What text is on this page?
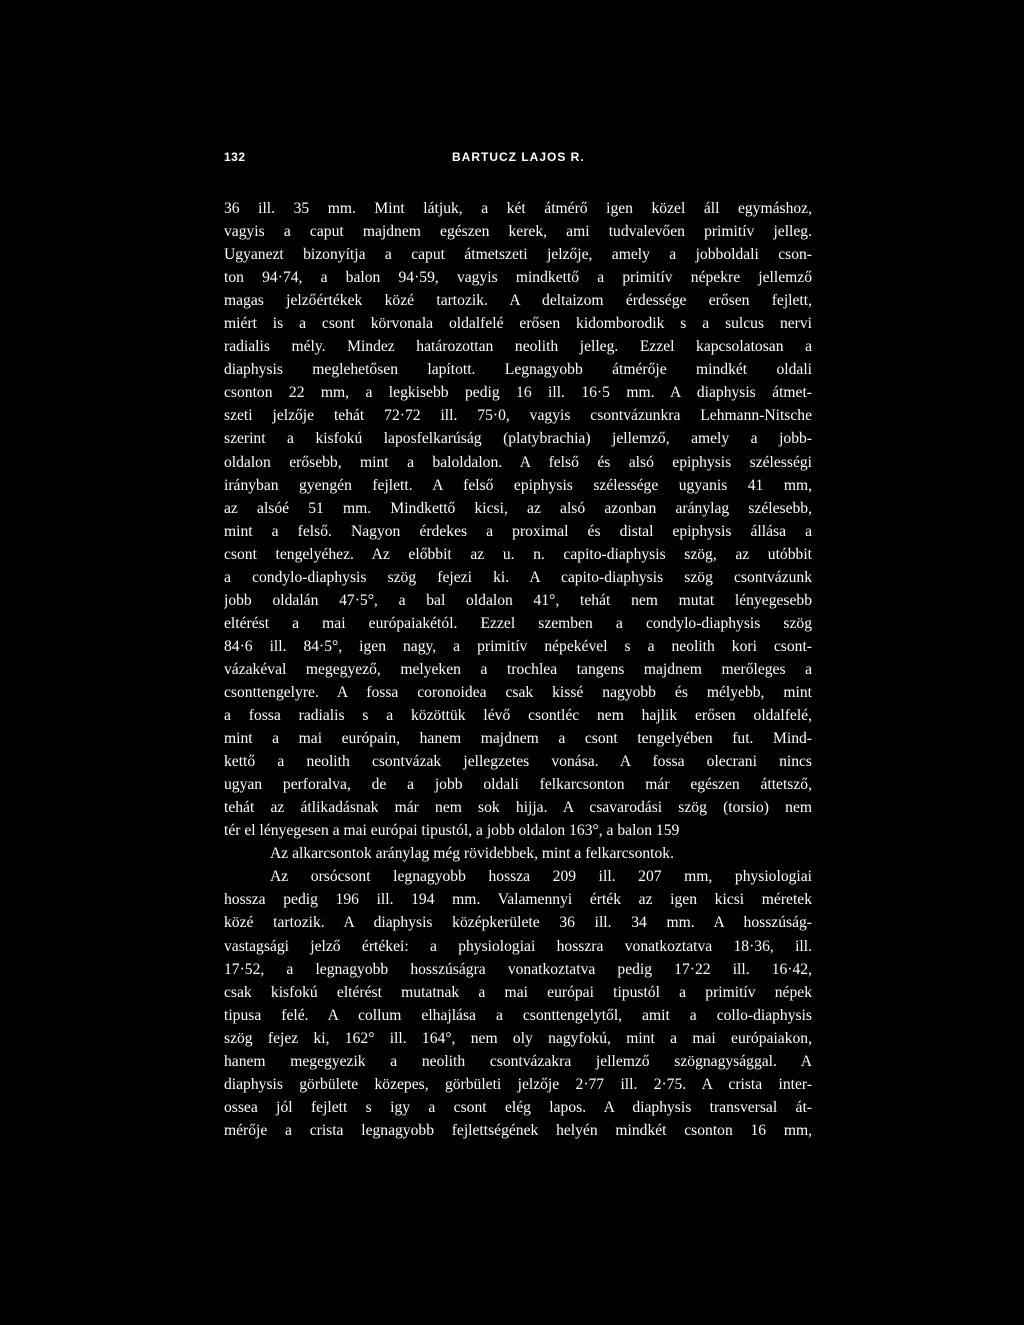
132	BARTUCZ LAJOS R.
36 ill. 35 mm. Mint látjuk, a két átmérő igen közel áll egymáshoz,
vagyis a caput majdnem egészen kerek, ami tudvalevően primitív jelleg.
Ugyanezt bizonyítja a caput átmetszeti jelzője, amely a jobboldali cson-
ton 94·74, a balon 94·59, vagyis mindkettő a primitív népekre jellemző
magas jelzőértékek közé tartozik. A deltaizom érdessége erősen fejlett,
miért is a csont körvonala oldalfelé erősen kidomborodik s a sulcus nervi
radialis mély. Mindez határozottan neolith jelleg. Ezzel kapcsolatosan a
diaphysis meglehetősen lapított. Legnagyobb átmérője mindkét oldali
csonton 22 mm, a legkisebb pedig 16 ill. 16·5 mm. A diaphysis átmet-
szeti jelzője tehát 72·72 ill. 75·0, vagyis csontvázunkra Lehmann-Nitsche
szerint a kisfokú laposfelkarúság (platybrachia) jellemző, amely a jobb-
oldalon erősebb, mint a baloldalon. A felső és alsó epiphysis szélességi
irányban gyengén fejlett. A felső epiphysis szélessége ugyanis 41 mm,
az alsóé 51 mm. Mindkettő kicsi, az alsó azonban aránylag szélesebb,
mint a felső. Nagyon érdekes a proximal és distal epiphysis állása a
csont tengelyéhez. Az előbbit az u. n. capito-diaphysis szög, az utóbbit
a condylo-diaphysis szög fejezi ki. A capito-diaphysis szög csontvázunk
jobb oldalán 47·5°, a bal oldalon 41°, tehát nem mutat lényegesebb
eltérést a mai európaiakétól. Ezzel szemben a condylo-diaphysis szög
84·6 ill. 84·5°, igen nagy, a primitív népekével s a neolith kori csont-
vázakéval megegyező, melyeken a trochlea tangens majdnem merőleges a
csonttengelyre. A fossa coronoidea csak kissé nagyobb és mélyebb, mint
a fossa radialis s a közöttük lévő csontléc nem hajlik erősen oldalfelé,
mint a mai európain, hanem majdnem a csont tengelyében fut. Mind-
kettő a neolith csontvázak jellegzetes vonása. A fossa olecrani nincs
ugyan perforalva, de a jobb oldali felkarcsonton már egészen áttetsző,
tehát az átlikadásnak már nem sok hijja. A csavarodási szög (torsio) nem
tér el lényegesen a mai európai tipustól, a jobb oldalon 163°, a balon 159
Az alkarcsontok aránylag még rövidebbek, mint a felkarcsontok.
Az orsócsont legnagyobb hossza 209 ill. 207 mm, physiologiai
hossza pedig 196 ill. 194 mm. Valamennyi érték az igen kicsi méretek
közé tartozik. A diaphysis középkerülete 36 ill. 34 mm. A hosszúság-
vastagsági jelző értékei: a physiologiai hosszra vonatkoztatva 18·36, ill.
17·52, a legnagyobb hosszúságra vonatkoztatva pedig 17·22 ill. 16·42,
csak kisfokú eltérést mutatnak a mai európai tipustól a primitív népek
tipusa felé. A collum elhajlása a csonttengelytől, amit a collo-diaphysis
szög fejez ki, 162° ill. 164°, nem oly nagyfokú, mint a mai európaiakon,
hanem megegyezik a neolith csontvázakra jellemző szögnagysággal. A
diaphysis görbülete közepes, görbületi jelzője 2·77 ill. 2·75. A crista inter-
ossea jól fejlett s igy a csont elég lapos. A diaphysis transversal át-
mérője a crista legnagyobb fejlettségének helyén mindkét csonton 16 mm,
